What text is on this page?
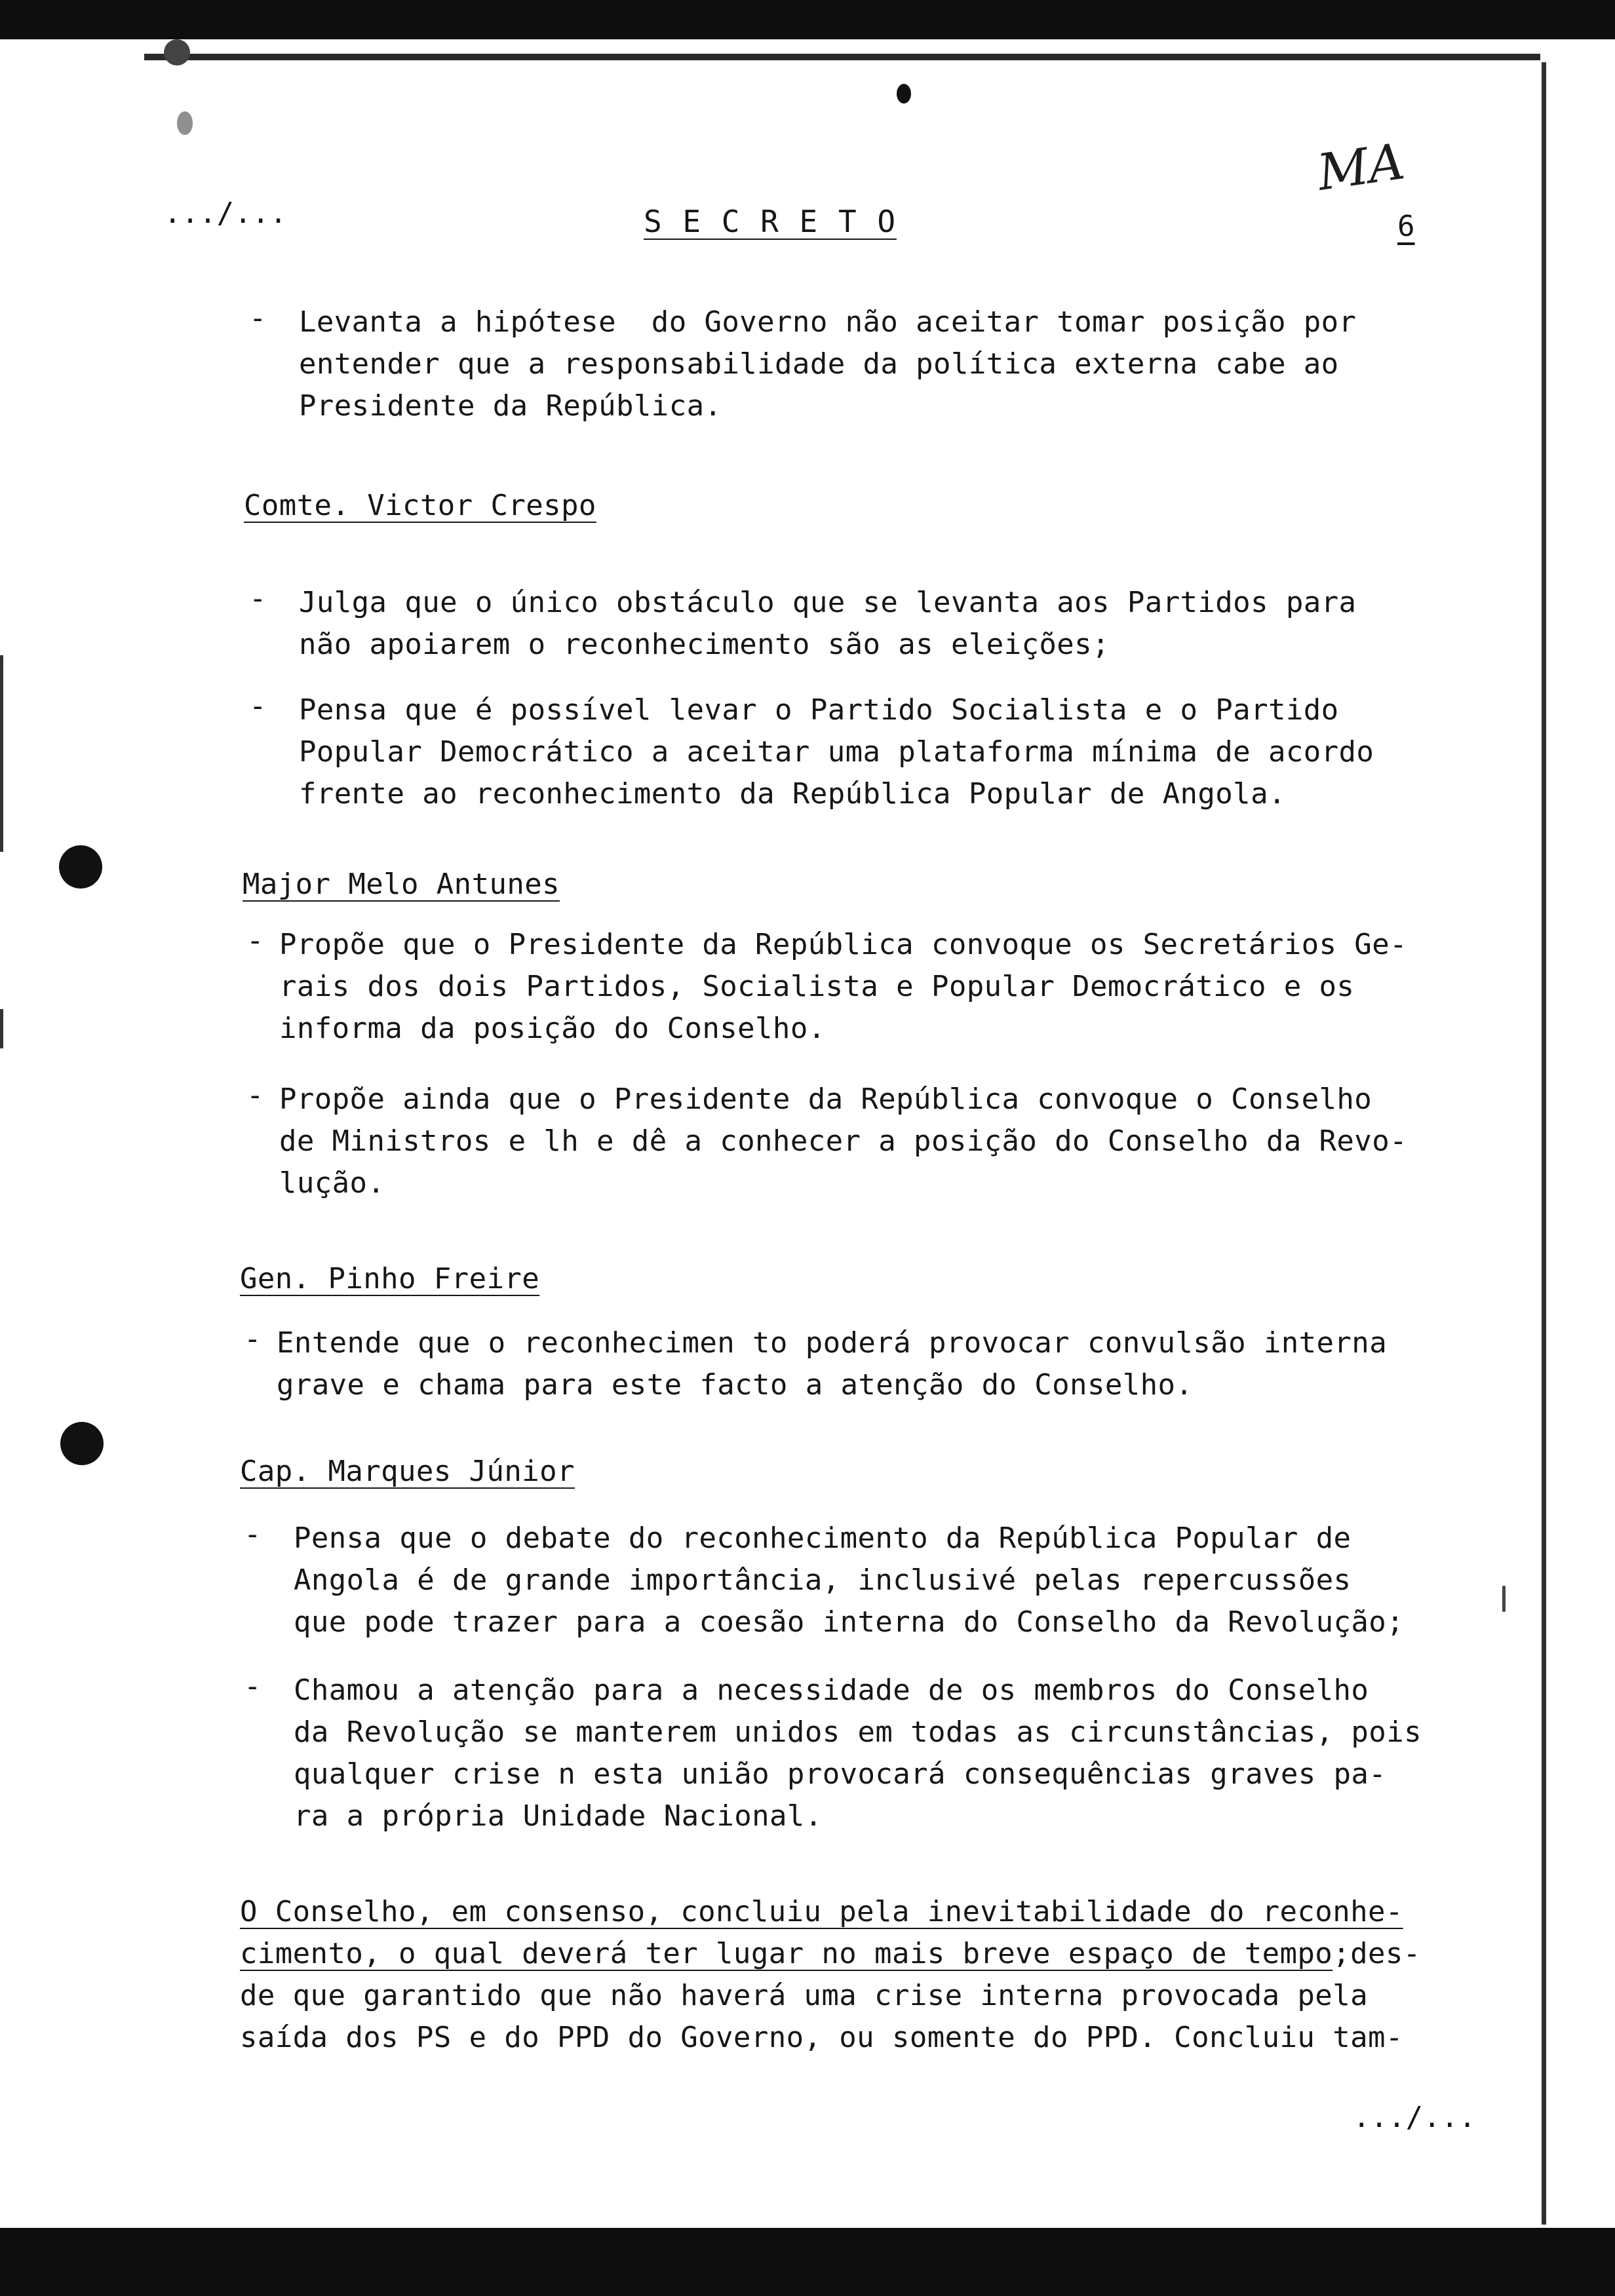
.../...	S E C R E T O
MA
6
- Levanta a hipótese  do Governo não aceitar tomar posição por
entender que a responsabilidade da política externa cabe ao
Presidente da República.
Comte. Victor Crespo
- Julga que o único obstáculo que se levanta aos Partidos para
não apoiarem o reconhecimento são as eleições;
- Pensa que é possível levar o Partido Socialista e o Partido
Popular Democrático a aceitar uma plataforma mínima de acordo
frente ao reconhecimento da República Popular de Angola.
Major Melo Antunes
- Propõe que o Presidente da República convoque os Secretários Ge-
rais dos dois Partidos, Socialista e Popular Democrático e os
informa da posição do Conselho.
- Propõe ainda que o Presidente da República convoque o Conselho
de Ministros e lh e dê a conhecer a posição do Conselho da Revo-
lução.
Gen. Pinho Freire
- Entende que o reconhecimen to poderá provocar convulsão interna
grave e chama para este facto a atenção do Conselho.
Cap. Marques Júnior
- Pensa que o debate do reconhecimento da República Popular de
Angola é de grande importância, inclusivé pelas repercussões
que pode trazer para a coesão interna do Conselho da Revolução;
- Chamou a atenção para a necessidade de os membros do Conselho
da Revolução se manterem unidos em todas as circunstâncias, pois
qualquer crise n esta união provocará consequências graves pa-
ra a própria Unidade Nacional.
O Conselho, em consenso, concluiu pela inevitabilidade do reconhe-
cimento, o qual deverá ter lugar no mais breve espaço de tempo;des-
de que garantido que não haverá uma crise interna provocada pela
saída dos PS e do PPD do Governo, ou somente do PPD. Concluiu tam-
.../...
